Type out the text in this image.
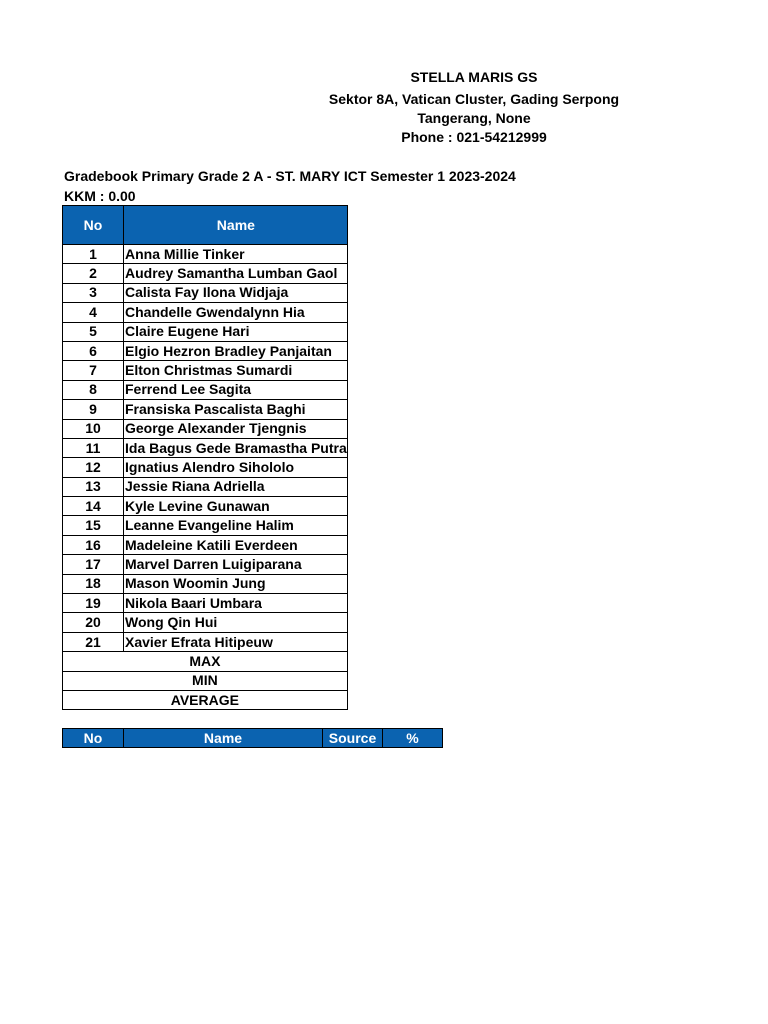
STELLA MARIS GS
Sektor 8A, Vatican Cluster, Gading Serpong
Tangerang, None
Phone : 021-54212999
Gradebook Primary Grade 2 A - ST. MARY ICT Semester 1 2023-2024
KKM : 0.00
No	Name
1	Anna Millie Tinker
2	Audrey Samantha Lumban Gaol
3	Calista Fay Ilona Widjaja
4	Chandelle Gwendalynn Hia
5	Claire Eugene Hari
6	Elgio Hezron Bradley Panjaitan
7	Elton Christmas Sumardi
8	Ferrend Lee Sagita
9	Fransiska Pascalista Baghi
10	George Alexander Tjengnis
11	Ida Bagus Gede Bramastha Putra
12	Ignatius Alendro Sihololo
13	Jessie Riana Adriella
14	Kyle Levine Gunawan
15	Leanne Evangeline Halim
16	Madeleine Katili Everdeen
17	Marvel Darren Luigiparana
18	Mason Woomin Jung
19	Nikola Baari Umbara
20	Wong Qin Hui
21	Xavier Efrata Hitipeuw
MAX	
MIN	
AVERAGE	
No	Name	Source	%
